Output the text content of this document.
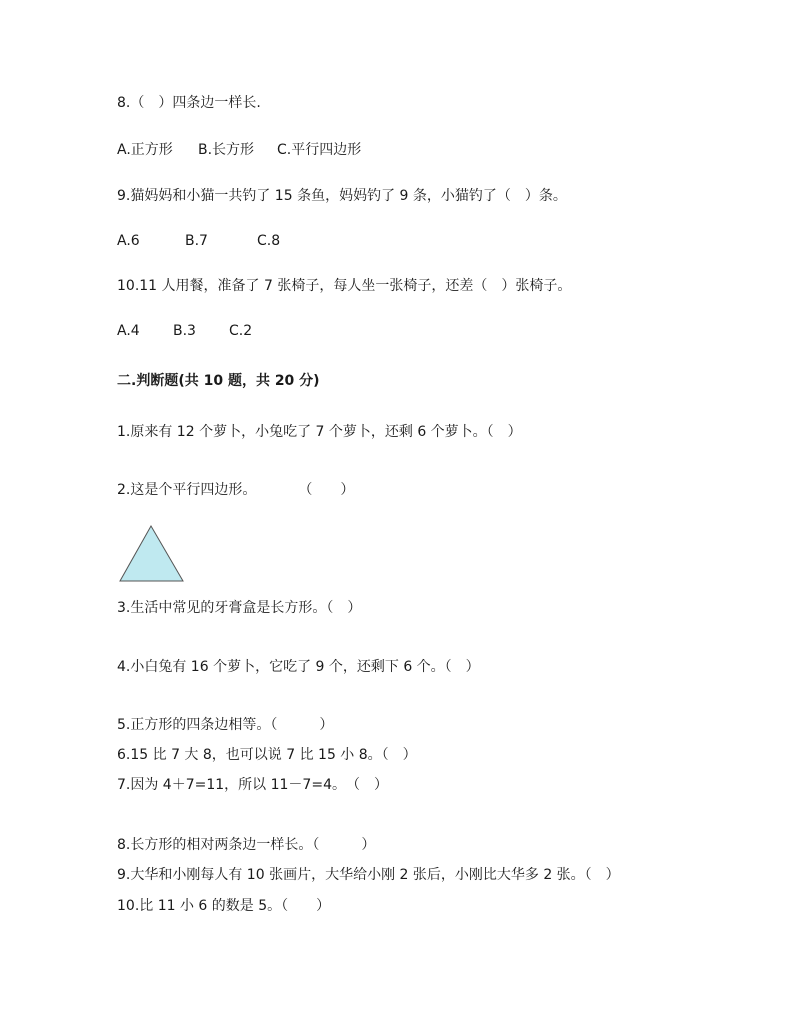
8.（　）四条边一样长.
A.正方形 B.长方形 C.平行四边形
9.猫妈妈和小猫一共钓了 15 条鱼，妈妈钓了 9 条，小猫钓了（　）条。
A.6	B.7	C.8
10.11 人用餐，准备了 7 张椅子，每人坐一张椅子，还差（　）张椅子。
A.4 B.3 C.2
二.判断题(共 10 题，共 20 分)
1.原来有 12 个萝卜，小兔吃了 7 个萝卜，还剩 6 个萝卜。（　）
2.这是个平行四边形。　　　　（　　）
3.生活中常见的牙膏盒是长方形。（　）
4.小白兔有 16 个萝卜，它吃了 9 个，还剩下 6 个。（　）
5.正方形的四条边相等。（　　　）
6.15 比 7 大 8，也可以说 7 比 15 小 8。（　）
7.因为 4＋7=11，所以 11－7=4。　（　）
8.长方形的相对两条边一样长。（　　　）
9.大华和小刚每人有 10 张画片，大华给小刚 2 张后，小刚比大华多 2 张。（　）
10.比 11 小 6 的数是 5。（　　）
